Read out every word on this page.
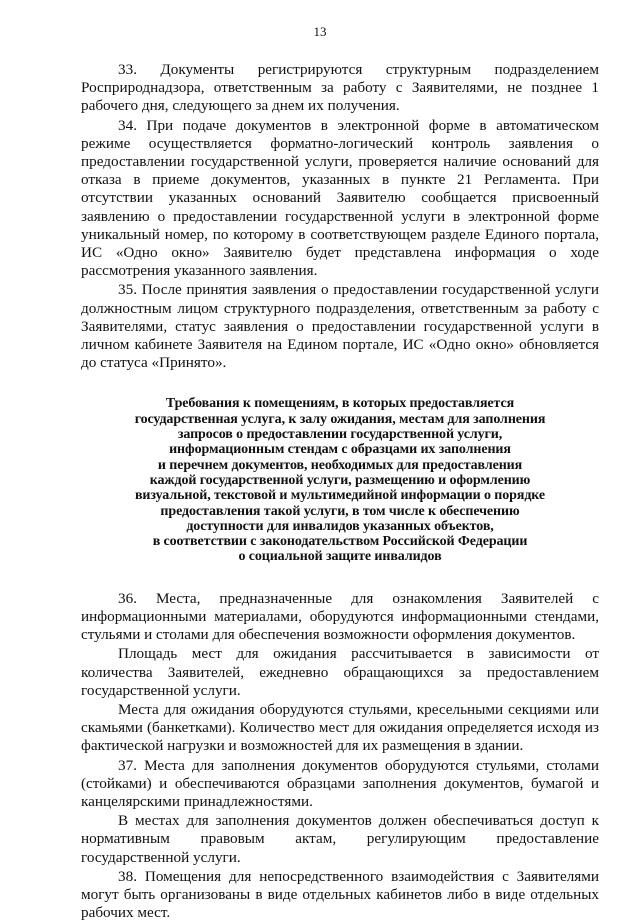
13

33. Документы регистрируются структурным подразделением Росприроднадзора, ответственным за работу с Заявителями, не позднее 1 рабочего дня, следующего за днем их получения.

34. При подаче документов в электронной форме в автоматическом режиме осуществляется форматно-логический контроль заявления о предоставлении государственной услуги, проверяется наличие оснований для отказа в приеме документов, указанных в пункте 21 Регламента. При отсутствии указанных оснований Заявителю сообщается присвоенный заявлению о предоставлении государственной услуги в электронной форме уникальный номер, по которому в соответствующем разделе Единого портала, ИС «Одно окно» Заявителю будет представлена информация о ходе рассмотрения указанного заявления.

35. После принятия заявления о предоставлении государственной услуги должностным лицом структурного подразделения, ответственным за работу с Заявителями, статус заявления о предоставлении государственной услуги в личном кабинете Заявителя на Едином портале, ИС «Одно окно» обновляется до статуса «Принято».

Требования к помещениям, в которых предоставляется
государственная услуга, к залу ожидания, местам для заполнения
запросов о предоставлении государственной услуги,
информационным стендам с образцами их заполнения
и перечнем документов, необходимых для предоставления
каждой государственной услуги, размещению и оформлению
визуальной, текстовой и мультимедийной информации о порядке
предоставления такой услуги, в том числе к обеспечению
доступности для инвалидов указанных объектов,
в соответствии с законодательством Российской Федерации
о социальной защите инвалидов

36. Места, предназначенные для ознакомления Заявителей с информационными материалами, оборудуются информационными стендами, стульями и столами для обеспечения возможности оформления документов.

Площадь мест для ожидания рассчитывается в зависимости от количества Заявителей, ежедневно обращающихся за предоставлением государственной услуги.

Места для ожидания оборудуются стульями, кресельными секциями или скамьями (банкетками). Количество мест для ожидания определяется исходя из фактической нагрузки и возможностей для их размещения в здании.

37. Места для заполнения документов оборудуются стульями, столами (стойками) и обеспечиваются образцами заполнения документов, бумагой и канцелярскими принадлежностями.

В местах для заполнения документов должен обеспечиваться доступ к нормативным правовым актам, регулирующим предоставление государственной услуги.

38. Помещения для непосредственного взаимодействия с Заявителями могут быть организованы в виде отдельных кабинетов либо в виде отдельных рабочих мест.
